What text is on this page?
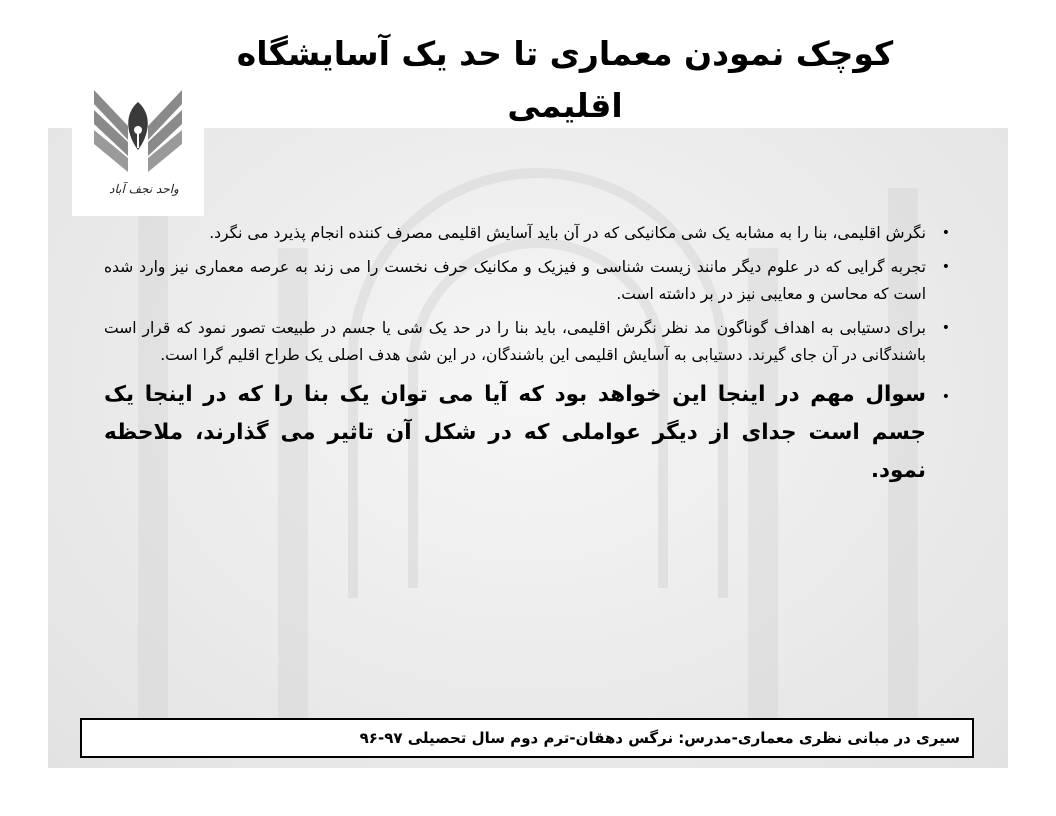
کوچک نمودن معماری تا حد یک آسایشگاه اقلیمی
واحد نجف آباد
•
نگرش اقلیمی، بنا را به مشابه یک شی مکانیکی که در آن باید آسایش اقلیمی مصرف کننده انجام پذیرد می نگرد.
•
تجربه گرایی که در علوم دیگر مانند زیست شناسی و فیزیک و مکانیک حرف نخست را می زند به عرصه معماری نیز وارد شده است که محاسن و معایبی نیز در بر داشته است.
•
برای دستیابی به اهداف گوناگون مد نظر نگرش اقلیمی، باید بنا را در حد یک شی یا جسم در طبیعت تصور نمود که قرار است باشندگانی در آن جای گیرند. دستیابی به آسایش اقلیمی این باشندگان، در این شی هدف اصلی یک طراح اقلیم گرا است.
•
سوال مهم در اینجا این خواهد بود که آیا می توان یک بنا را که در اینجا یک جسم است جدای از دیگر عواملی که در شکل آن تاثیر می گذارند، ملاحظه نمود.
سیری در مبانی نظری معماری-مدرس: نرگس دهقان-ترم دوم سال تحصیلی ۹۷-۹۶
